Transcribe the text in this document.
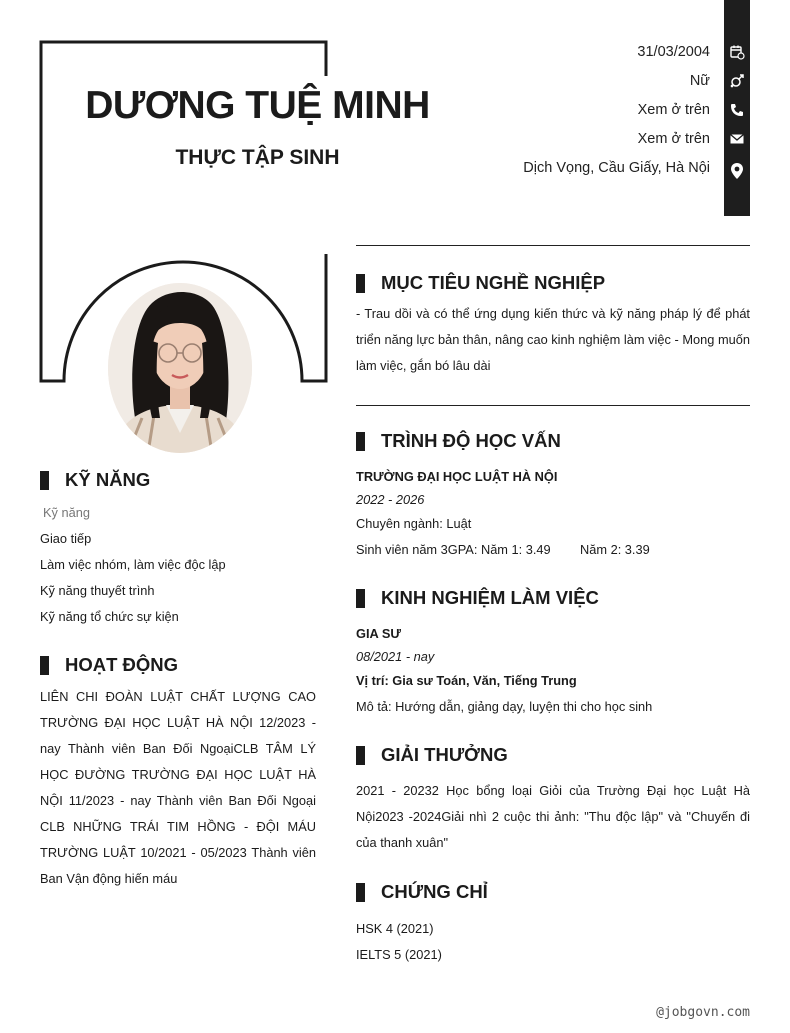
DƯƠNG TUỆ MINH
THỰC TẬP SINH
31/03/2004
Nữ
Xem ở trên
Xem ở trên
Dịch Vọng, Cầu Giấy, Hà Nội
KỸ NĂNG
Kỹ năng
Giao tiếp
Làm việc nhóm, làm việc độc lập
Kỹ năng thuyết trình
Kỹ năng tổ chức sự kiện
HOẠT ĐỘNG
LIÊN CHI ĐOÀN LUẬT CHẤT LƯỢNG CAO TRƯỜNG ĐẠI HỌC LUẬT HÀ NỘI 12/2023 - nay Thành viên Ban Đối NgoạiCLB TÂM LÝ HỌC ĐƯỜNG TRƯỜNG ĐẠI HỌC LUẬT HÀ NỘI 11/2023 - nay Thành viên Ban Đối Ngoại CLB NHỮNG TRÁI TIM HỒNG - ĐỘI MÁU TRƯỜNG LUẬT 10/2021 - 05/2023 Thành viên Ban Vận động hiến máu
MỤC TIÊU NGHỀ NGHIỆP
- Trau dồi và có thể ứng dụng kiến thức và kỹ năng pháp lý để phát triển năng lực bản thân, nâng cao kinh nghiệm làm việc - Mong muốn làm việc, gắn bó lâu dài
TRÌNH ĐỘ HỌC VẤN
TRƯỜNG ĐẠI HỌC LUẬT HÀ NỘI
2022 - 2026
Chuyên ngành: Luật
Sinh viên năm 3GPA: Năm 1: 3.49 Năm 2: 3.39
KINH NGHIỆM LÀM VIỆC
GIA SƯ
08/2021 - nay
Vị trí: Gia sư Toán, Văn, Tiếng Trung
Mô tả: Hướng dẫn, giảng dạy, luyện thi cho học sinh
GIẢI THƯỞNG
2021 - 20232 Học bổng loại Giỏi của Trường Đại học Luật Hà Nội2023 -2024Giải nhì 2 cuộc thi ảnh: "Thu độc lập" và "Chuyến đi của thanh xuân"
CHỨNG CHỈ
HSK 4 (2021)
IELTS 5 (2021)
@jobgovn.com
